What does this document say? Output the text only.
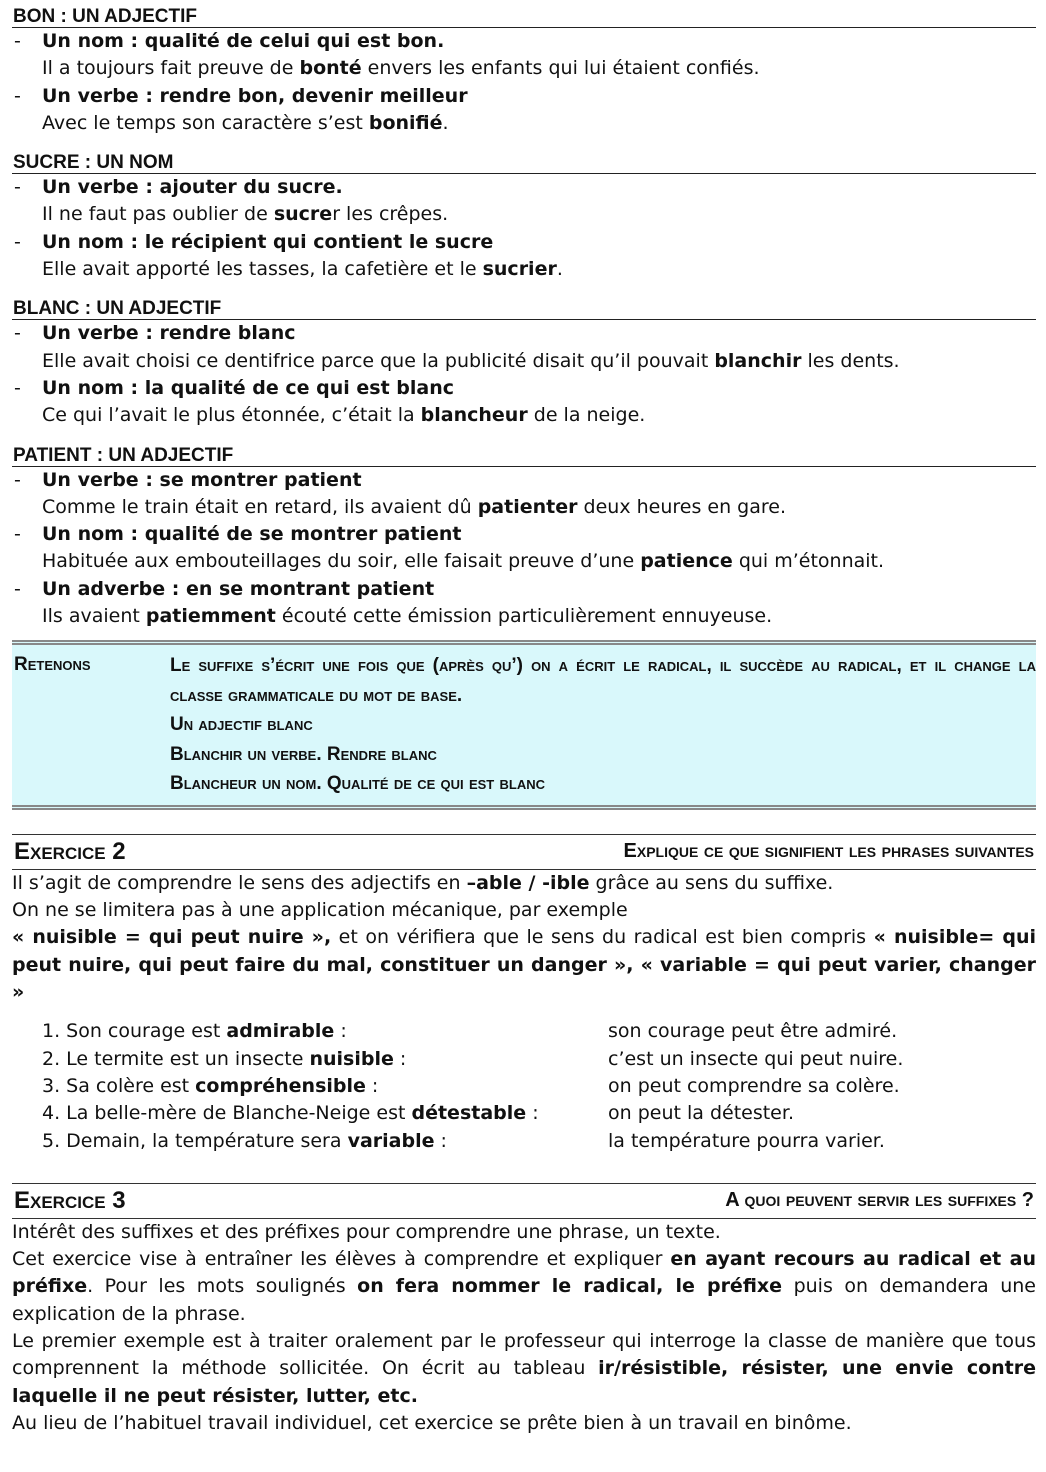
BON : UN ADJECTIF
- Un nom : qualité de celui qui est bon.
Il a toujours fait preuve de bonté envers les enfants qui lui étaient confiés.
- Un verbe : rendre bon, devenir meilleur
Avec le temps son caractère s’est bonifié.
SUCRE : UN NOM
- Un verbe : ajouter du sucre.
Il ne faut pas oublier de sucrer les crêpes.
- Un nom : le récipient qui contient le sucre
Elle avait apporté les tasses, la cafetière et le sucrier.
BLANC : UN ADJECTIF
- Un verbe : rendre blanc
Elle avait choisi ce dentifrice parce que la publicité disait qu’il pouvait blanchir les dents.
- Un nom : la qualité de ce qui est blanc
Ce qui l’avait le plus étonnée, c’était la blancheur de la neige.
PATIENT : UN ADJECTIF
- Un verbe : se montrer patient
Comme le train était en retard, ils avaient dû patienter deux heures en gare.
- Un nom : qualité de se montrer patient
Habituée aux embouteillages du soir, elle faisait preuve d’une patience qui m’étonnait.
- Un adverbe : en se montrant patient
Ils avaient patiemment écouté cette émission particulièrement ennuyeuse.
Retenons	Le suffixe s’écrit une fois que (après qu’) on a écrit le radical, il succède au radical, et il change la classe grammaticale du mot de base.
Un adjectif blanc
Blanchir un verbe. Rendre blanc
Blancheur un nom. Qualité de ce qui est blanc
Exercice 2	Explique ce que signifient les phrases suivantes
Il s’agit de comprendre le sens des adjectifs en –able / -ible grâce au sens du suffixe.
On ne se limitera pas à une application mécanique, par exemple
« nuisible = qui peut nuire », et on vérifiera que le sens du radical est bien compris « nuisible= qui peut nuire, qui peut faire du mal, constituer un danger », « variable = qui peut varier, changer »
1. Son courage est admirable :	son courage peut être admiré.
2. Le termite est un insecte nuisible :	c’est un insecte qui peut nuire.
3. Sa colère est compréhensible :	on peut comprendre sa colère.
4. La belle-mère de Blanche-Neige est détestable :	on peut la détester.
5. Demain, la température sera variable :	la température pourra varier.
Exercice 3	A quoi peuvent servir les suffixes ?
Intérêt des suffixes et des préfixes pour comprendre une phrase, un texte.
Cet exercice vise à entraîner les élèves à comprendre et expliquer en ayant recours au radical et au préfixe. Pour les mots soulignés on fera nommer le radical, le préfixe puis on demandera une explication de la phrase.
Le premier exemple est à traiter oralement par le professeur qui interroge la classe de manière que tous comprennent la méthode sollicitée. On écrit au tableau ir/résistible, résister, une envie contre laquelle il ne peut résister, lutter, etc.
Au lieu de l’habituel travail individuel, cet exercice se prête bien à un travail en binôme.
